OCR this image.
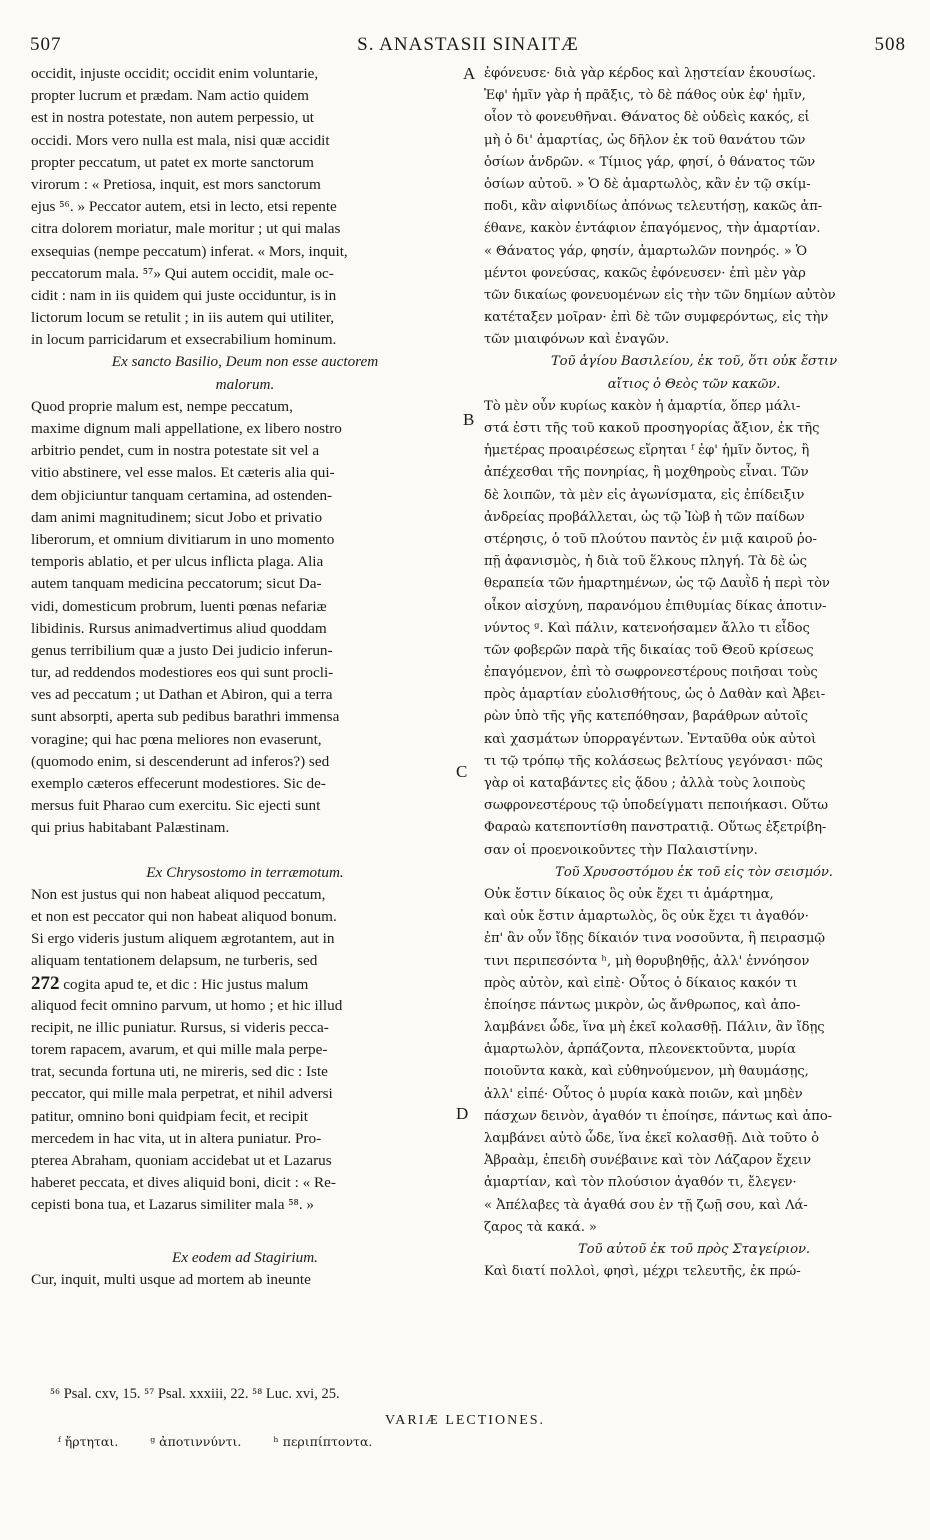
507	S. ANASTASII SINAITÆ	508
occidit, injuste occidit; occidit enim voluntarie,
propter lucrum et prædam. Nam actio quidem
est in nostra potestate, non autem perpessio, ut
occidi. Mors vero nulla est mala, nisi quæ accidit
propter peccatum, ut patet ex morte sanctorum
virorum : « Pretiosa, inquit, est mors sanctorum
ejus ⁵⁶. » Peccator autem, etsi in lecto, etsi repente
citra dolorem moriatur, male moritur ; ut qui malas
exsequias (nempe peccatum) inferat. « Mors, inquit,
peccatorum mala. ⁵⁷» Qui autem occidit, male oc-
cidit : nam in iis quidem qui juste occiduntur, is in
lictorum locum se retulit ; in iis autem qui utiliter,
in locum parricidarum et exsecrabilium hominum.
Ex sancto Basilio, Deum non esse auctorem
malorum.
Quod proprie malum est, nempe peccatum,
maxime dignum mali appellatione, ex libero nostro
arbitrio pendet, cum in nostra potestate sit vel a
vitio abstinere, vel esse malos. Et cæteris alia qui-
dem objiciuntur tanquam certamina, ad ostenden-
dam animi magnitudinem; sicut Jobo et privatio
liberorum, et omnium divitiarum in uno momento
temporis ablatio, et per ulcus inflicta plaga. Alia
autem tanquam medicina peccatorum; sicut Da-
vidi, domesticum probrum, luenti pœnas nefariæ
libidinis. Rursus animadvertimus aliud quoddam
genus terribilium quæ a justo Dei judicio inferun-
tur, ad reddendos modestiores eos qui sunt procli-
ves ad peccatum ; ut Dathan et Abiron, qui a terra
sunt absorpti, aperta sub pedibus barathri immensa
voragine; qui hac pœna meliores non evaserunt,
(quomodo enim, si descenderunt ad inferos?) sed
exemplo cæteros effecerunt modestiores. Sic de-
mersus fuit Pharao cum exercitu. Sic ejecti sunt
qui prius habitabant Palæstinam.
Ex Chrysostomo in terræmotum.
Non est justus qui non habeat aliquod peccatum,
et non est peccator qui non habeat aliquod bonum.
Si ergo videris justum aliquem ægrotantem, aut in
aliquam tentationem delapsum, ne turberis, sed
272 cogita apud te, et dic : Hic justus malum
aliquod fecit omnino parvum, ut homo ; et hic illud
recipit, ne illic puniatur. Rursus, si videris pecca-
torem rapacem, avarum, et qui mille mala perpe-
trat, secunda fortuna uti, ne mireris, sed dic : Iste
peccator, qui mille mala perpetrat, et nihil adversi
patitur, omnino boni quidpiam fecit, et recipit
mercedem in hac vita, ut in altera puniatur. Pro-
pterea Abraham, quoniam accidebat ut et Lazarus
haberet peccata, et dives aliquid boni, dicit : « Re-
cepisti bona tua, et Lazarus similiter mala ⁵⁸. »
Ex eodem ad Stagirium.
Cur, inquit, multi usque ad mortem ab ineunte
A
B
C
D
ἐφόνευσε· διὰ γὰρ κέρδος καὶ λῃστείαν ἑκουσίως.
Ἐφ' ἡμῖν γὰρ ἡ πρᾶξις, τὸ δὲ πάθος οὐκ ἐφ' ἡμῖν,
οἷον τὸ φονευθῆναι. Θάνατος δὲ οὐδεὶς κακός, εἰ
μὴ ὁ δι' ἁμαρτίας, ὡς δῆλον ἐκ τοῦ θανάτου τῶν
ὁσίων ἀνδρῶν. « Τίμιος γάρ, φησί, ὁ θάνατος τῶν
ὁσίων αὐτοῦ. » Ὁ δὲ ἁμαρτωλὸς, κἂν ἐν τῷ σκίμ-
ποδι, κἂν αἰφνιδίως ἀπόνως τελευτήσῃ, κακῶς ἀπ-
έθανε, κακὸν ἐντάφιον ἐπαγόμενος, τὴν ἁμαρτίαν.
« Θάνατος γάρ, φησίν, ἁμαρτωλῶν πονηρός. » Ὁ
μέντοι φονεύσας, κακῶς ἐφόνευσεν· ἐπὶ μὲν γὰρ
τῶν δικαίως φονευομένων εἰς τὴν τῶν δημίων αὐτὸν
κατέταξεν μοῖραν· ἐπὶ δὲ τῶν συμφερόντως, εἰς τὴν
τῶν μιαιφόνων καὶ ἐναγῶν.
Τοῦ ἁγίου Βασιλείου, ἐκ τοῦ, ὅτι οὐκ ἔστιν
αἴτιος ὁ Θεὸς τῶν κακῶν.
Τὸ μὲν οὖν κυρίως κακὸν ἡ ἁμαρτία, ὅπερ μάλι-
στά ἐστι τῆς τοῦ κακοῦ προσηγορίας ἄξιον, ἐκ τῆς
ἡμετέρας προαιρέσεως εἴρηται ᶠ ἐφ' ἡμῖν ὄντος, ἢ
ἀπέχεσθαι τῆς πονηρίας, ἢ μοχθηροὺς εἶναι. Τῶν
δὲ λοιπῶν, τὰ μὲν εἰς ἀγωνίσματα, εἰς ἐπίδειξιν
ἀνδρείας προβάλλεται, ὡς τῷ Ἰὼβ ἡ τῶν παίδων
στέρησις, ὁ τοῦ πλούτου παντὸς ἐν μιᾷ καιροῦ ῥο-
πῇ ἀφανισμὸς, ἡ διὰ τοῦ ἕλκους πληγή. Τὰ δὲ ὡς
θεραπεία τῶν ἡμαρτημένων, ὡς τῷ Δαυῒδ ἡ περὶ τὸν
οἶκον αἰσχύνη, παρανόμου ἐπιθυμίας δίκας ἀποτιν-
νύντος ᵍ. Καὶ πάλιν, κατενοήσαμεν ἄλλο τι εἶδος
τῶν φοβερῶν παρὰ τῆς δικαίας τοῦ Θεοῦ κρίσεως
ἐπαγόμενον, ἐπὶ τὸ σωφρονεστέρους ποιῆσαι τοὺς
πρὸς ἁμαρτίαν εὐολισθήτους, ὡς ὁ Δαθὰν καὶ Ἀβει-
ρὼν ὑπὸ τῆς γῆς κατεπόθησαν, βαράθρων αὐτοῖς
καὶ χασμάτων ὑπορραγέντων. Ἐνταῦθα οὐκ αὐτοὶ
τι τῷ τρόπῳ τῆς κολάσεως βελτίους γεγόνασι· πῶς
γὰρ οἱ καταβάντες εἰς ᾅδου ; ἀλλὰ τοὺς λοιποὺς
σωφρονεστέρους τῷ ὑποδείγματι πεποιήκασι. Οὕτω
Φαραὼ κατεποντίσθη πανστρατιᾷ. Οὕτως ἐξετρίβη-
σαν οἱ προενοικοῦντες τὴν Παλαιστίνην.
Τοῦ Χρυσοστόμου ἐκ τοῦ εἰς τὸν σεισμόν.
Οὐκ ἔστιν δίκαιος ὃς οὐκ ἔχει τι ἁμάρτημα,
καὶ οὐκ ἔστιν ἁμαρτωλὸς, ὃς οὐκ ἔχει τι ἀγαθόν·
ἐπ' ἂν οὖν ἴδῃς δίκαιόν τινα νοσοῦντα, ἢ πειρασμῷ
τινι περιπεσόντα ʰ, μὴ θορυβηθῇς, ἀλλ' ἐννόησον
πρὸς αὐτὸν, καὶ εἰπὲ· Οὗτος ὁ δίκαιος κακόν τι
ἐποίησε πάντως μικρὸν, ὡς ἄνθρωπος, καὶ ἀπο-
λαμβάνει ὧδε, ἵνα μὴ ἐκεῖ κολασθῇ. Πάλιν, ἂν ἴδῃς
ἁμαρτωλὸν, ἁρπάζοντα, πλεονεκτοῦντα, μυρία
ποιοῦντα κακὰ, καὶ εὐθηνούμενον, μὴ θαυμάσῃς,
ἀλλ' εἰπέ· Οὗτος ὁ μυρία κακὰ ποιῶν, καὶ μηδὲν
πάσχων δεινὸν, ἀγαθόν τι ἐποίησε, πάντως καὶ ἀπο-
λαμβάνει αὐτὸ ὧδε, ἵνα ἐκεῖ κολασθῇ. Διὰ τοῦτο ὁ
Ἀβραὰμ, ἐπειδὴ συνέβαινε καὶ τὸν Λάζαρον ἔχειν
ἁμαρτίαν, καὶ τὸν πλούσιον ἀγαθόν τι, ἔλεγεν·
« Ἀπέλαβες τὰ ἀγαθά σου ἐν τῇ ζωῇ σου, καὶ Λά-
ζαρος τὰ κακά. »
Τοῦ αὐτοῦ ἐκ τοῦ πρὸς Σταγείριον.
Καὶ διατί πολλοὶ, φησὶ, μέχρι τελευτῆς, ἐκ πρώ-
⁵⁶ Psal. cxv, 15. ⁵⁷ Psal. xxxiii, 22. ⁵⁸ Luc. xvi, 25.
VARIÆ LECTIONES.
ᶠ ἤρτηται.	ᵍ ἀποτιννύντι.	ʰ περιπίπτοντα.
